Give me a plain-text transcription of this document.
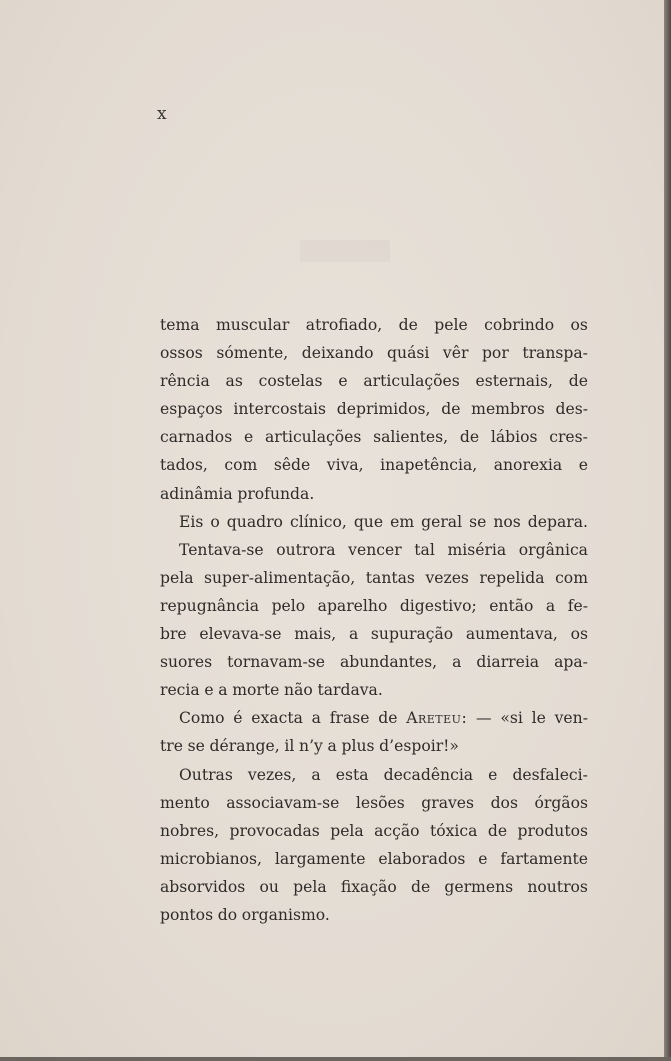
x
tema muscular atrofiado, de pele cobrindo os
ossos sómente, deixando quási vêr por transpa-
rência as costelas e articulações esternais, de
espaços intercostais deprimidos, de membros des-
carnados e articulações salientes, de lábios cres-
tados, com sêde viva, inapetência, anorexia e
adinâmia profunda.
Eis o quadro clínico, que em geral se nos depara.
Tentava-se outrora vencer tal miséria orgânica
pela super-alimentação, tantas vezes repelida com
repugnância pelo aparelho digestivo; então a fe-
bre elevava-se mais, a supuração aumentava, os
suores tornavam-se abundantes, a diarreia apa-
recia e a morte não tardava.
Como é exacta a frase de Areteu: — «si le ven-
tre se dérange, il n’y a plus d’espoir!»
Outras vezes, a esta decadência e desfaleci-
mento associavam-se lesões graves dos órgãos
nobres, provocadas pela acção tóxica de produtos
microbianos, largamente elaborados e fartamente
absorvidos ou pela fixação de germens noutros
pontos do organismo.
